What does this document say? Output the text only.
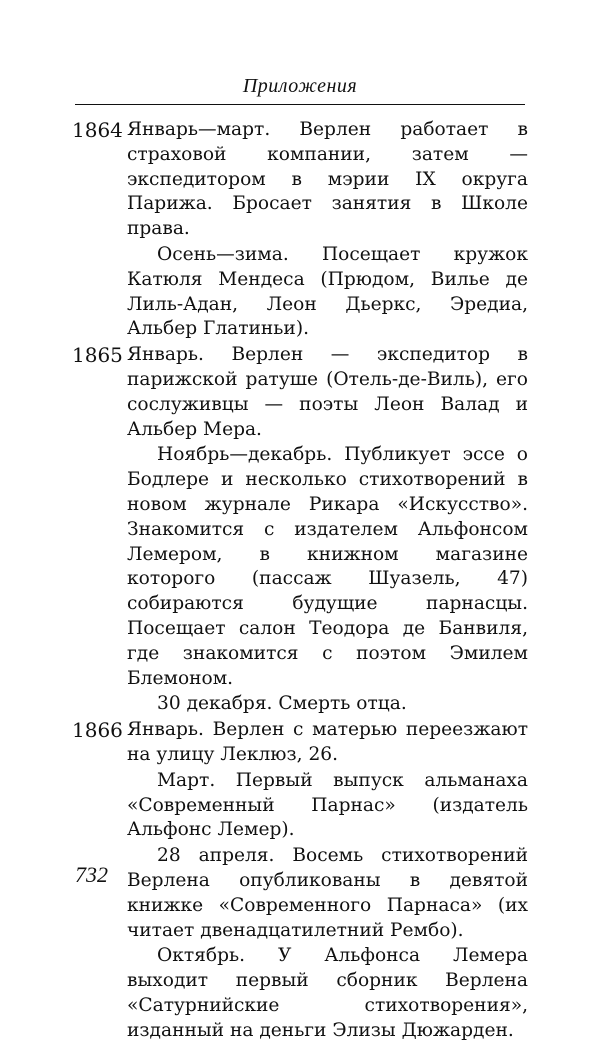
Приложения
1864 Январь—март. Верлен работает в страховой компании, затем — экспедитором в мэрии IX округа Парижа. Бросает занятия в Школе права.

Осень—зима. Посещает кружок Катюля Мендеса (Прюдом, Вилье де Лиль-Адан, Леон Дьеркс, Эредиа, Альбер Глатиньи).

1865 Январь. Верлен — экспедитор в парижской ратуше (Отель-де-Виль), его сослуживцы — поэты Леон Валад и Альбер Мера.

Ноябрь—декабрь. Публикует эссе о Бодлере и несколько стихотворений в новом журнале Рикара «Искусство». Знакомится с издателем Альфонсом Лемером, в книжном магазине которого (пассаж Шуазель, 47) собираются будущие парнасцы. Посещает салон Теодора де Банвиля, где знакомится с поэтом Эмилем Блемоном.

30 декабря. Смерть отца.

1866 Январь. Верлен с матерью переезжают на улицу Леклюз, 26.

Март. Первый выпуск альманаха «Современный Парнас» (издатель Альфонс Лемер).

28 апреля. Восемь стихотворений Верлена опубликованы в девятой книжке «Современного Парнаса» (их читает двенадцатилетний Рембо).

Октябрь. У Альфонса Лемера выходит первый сборник Верлена «Сатурнийские стихотворения», изданный на деньги Элизы Дюжарден.

732
